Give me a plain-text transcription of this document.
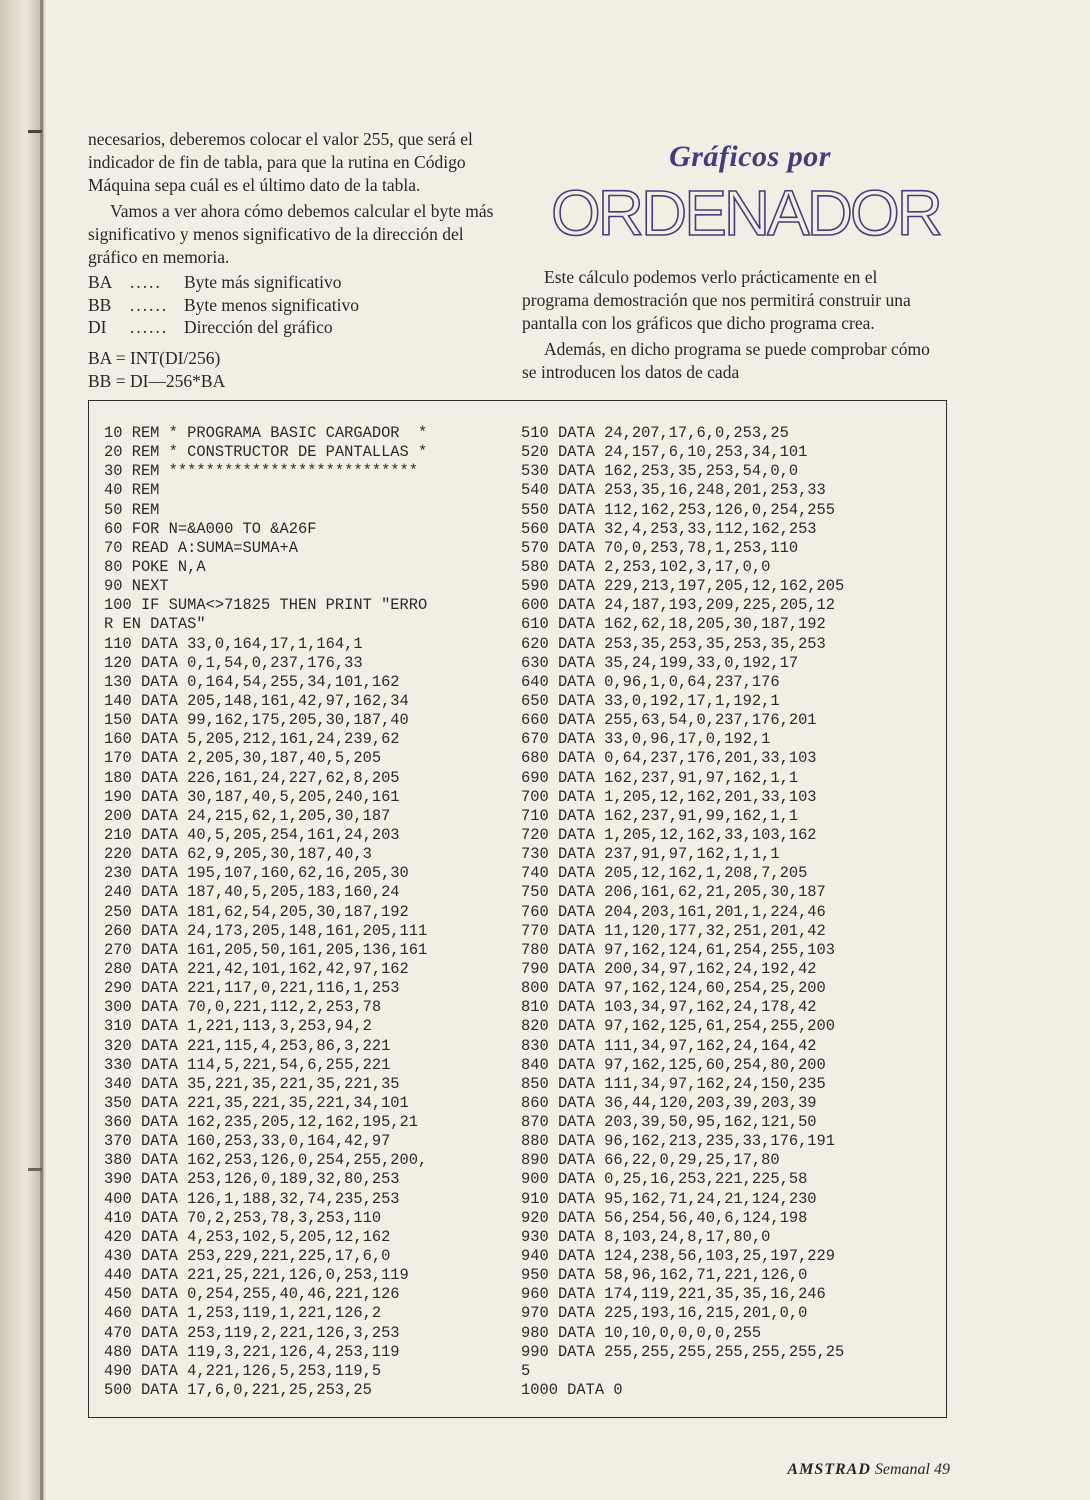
necesarios, deberemos colocar el valor 255, que será el indicador de fin de tabla, para que la rutina en Código Máquina sepa cuál es el último dato de la tabla.

Vamos a ver ahora cómo debemos calcular el byte más significativo y menos significativo de la dirección del gráfico en memoria.

BA	.....	Byte más significativo
BB	...... Byte menos significativo
DI	...... Dirección del gráfico

BA = INT(DI/256)

BB = DI—256*BA

Gráficos por
ORDENADOR

Este cálculo podemos verlo prácticamente en el programa demostración que nos permitirá construir una pantalla con los gráficos que dicho programa crea.

Además, en dicho programa se puede comprobar cómo se introducen los datos de cada

10 REM * PROGRAMA BASIC CARGADOR  *
20 REM * CONSTRUCTOR DE PANTALLAS *
30 REM ***************************
40 REM
50 REM
60 FOR N=&A000 TO &A26F
70 READ A:SUMA=SUMA+A
80 POKE N,A
90 NEXT
100 IF SUMA<>71825 THEN PRINT "ERRO
R EN DATAS"
110 DATA 33,0,164,17,1,164,1
120 DATA 0,1,54,0,237,176,33
130 DATA 0,164,54,255,34,101,162
140 DATA 205,148,161,42,97,162,34
150 DATA 99,162,175,205,30,187,40
160 DATA 5,205,212,161,24,239,62
170 DATA 2,205,30,187,40,5,205
180 DATA 226,161,24,227,62,8,205
190 DATA 30,187,40,5,205,240,161
200 DATA 24,215,62,1,205,30,187
210 DATA 40,5,205,254,161,24,203
220 DATA 62,9,205,30,187,40,3
230 DATA 195,107,160,62,16,205,30
240 DATA 187,40,5,205,183,160,24
250 DATA 181,62,54,205,30,187,192
260 DATA 24,173,205,148,161,205,111
270 DATA 161,205,50,161,205,136,161
280 DATA 221,42,101,162,42,97,162
290 DATA 221,117,0,221,116,1,253
300 DATA 70,0,221,112,2,253,78
310 DATA 1,221,113,3,253,94,2
320 DATA 221,115,4,253,86,3,221
330 DATA 114,5,221,54,6,255,221
340 DATA 35,221,35,221,35,221,35
350 DATA 221,35,221,35,221,34,101
360 DATA 162,235,205,12,162,195,21
370 DATA 160,253,33,0,164,42,97
380 DATA 162,253,126,0,254,255,200,
390 DATA 253,126,0,189,32,80,253
400 DATA 126,1,188,32,74,235,253
410 DATA 70,2,253,78,3,253,110
420 DATA 4,253,102,5,205,12,162
430 DATA 253,229,221,225,17,6,0
440 DATA 221,25,221,126,0,253,119
450 DATA 0,254,255,40,46,221,126
460 DATA 1,253,119,1,221,126,2
470 DATA 253,119,2,221,126,3,253
480 DATA 119,3,221,126,4,253,119
490 DATA 4,221,126,5,253,119,5
500 DATA 17,6,0,221,25,253,25
510 DATA 24,207,17,6,0,253,25
520 DATA 24,157,6,10,253,34,101
530 DATA 162,253,35,253,54,0,0
540 DATA 253,35,16,248,201,253,33
550 DATA 112,162,253,126,0,254,255
560 DATA 32,4,253,33,112,162,253
570 DATA 70,0,253,78,1,253,110
580 DATA 2,253,102,3,17,0,0
590 DATA 229,213,197,205,12,162,205
600 DATA 24,187,193,209,225,205,12
610 DATA 162,62,18,205,30,187,192
620 DATA 253,35,253,35,253,35,253
630 DATA 35,24,199,33,0,192,17
640 DATA 0,96,1,0,64,237,176
650 DATA 33,0,192,17,1,192,1
660 DATA 255,63,54,0,237,176,201
670 DATA 33,0,96,17,0,192,1
680 DATA 0,64,237,176,201,33,103
690 DATA 162,237,91,97,162,1,1
700 DATA 1,205,12,162,201,33,103
710 DATA 162,237,91,99,162,1,1
720 DATA 1,205,12,162,33,103,162
730 DATA 237,91,97,162,1,1,1
740 DATA 205,12,162,1,208,7,205
750 DATA 206,161,62,21,205,30,187
760 DATA 204,203,161,201,1,224,46
770 DATA 11,120,177,32,251,201,42
780 DATA 97,162,124,61,254,255,103
790 DATA 200,34,97,162,24,192,42
800 DATA 97,162,124,60,254,25,200
810 DATA 103,34,97,162,24,178,42
820 DATA 97,162,125,61,254,255,200
830 DATA 111,34,97,162,24,164,42
840 DATA 97,162,125,60,254,80,200
850 DATA 111,34,97,162,24,150,235
860 DATA 36,44,120,203,39,203,39
870 DATA 203,39,50,95,162,121,50
880 DATA 96,162,213,235,33,176,191
890 DATA 66,22,0,29,25,17,80
900 DATA 0,25,16,253,221,225,58
910 DATA 95,162,71,24,21,124,230
920 DATA 56,254,56,40,6,124,198
930 DATA 8,103,24,8,17,80,0
940 DATA 124,238,56,103,25,197,229
950 DATA 58,96,162,71,221,126,0
960 DATA 174,119,221,35,35,16,246
970 DATA 225,193,16,215,201,0,0
980 DATA 10,10,0,0,0,0,255
990 DATA 255,255,255,255,255,255,25
5
1000 DATA 0
AMSTRAD Semanal 49
